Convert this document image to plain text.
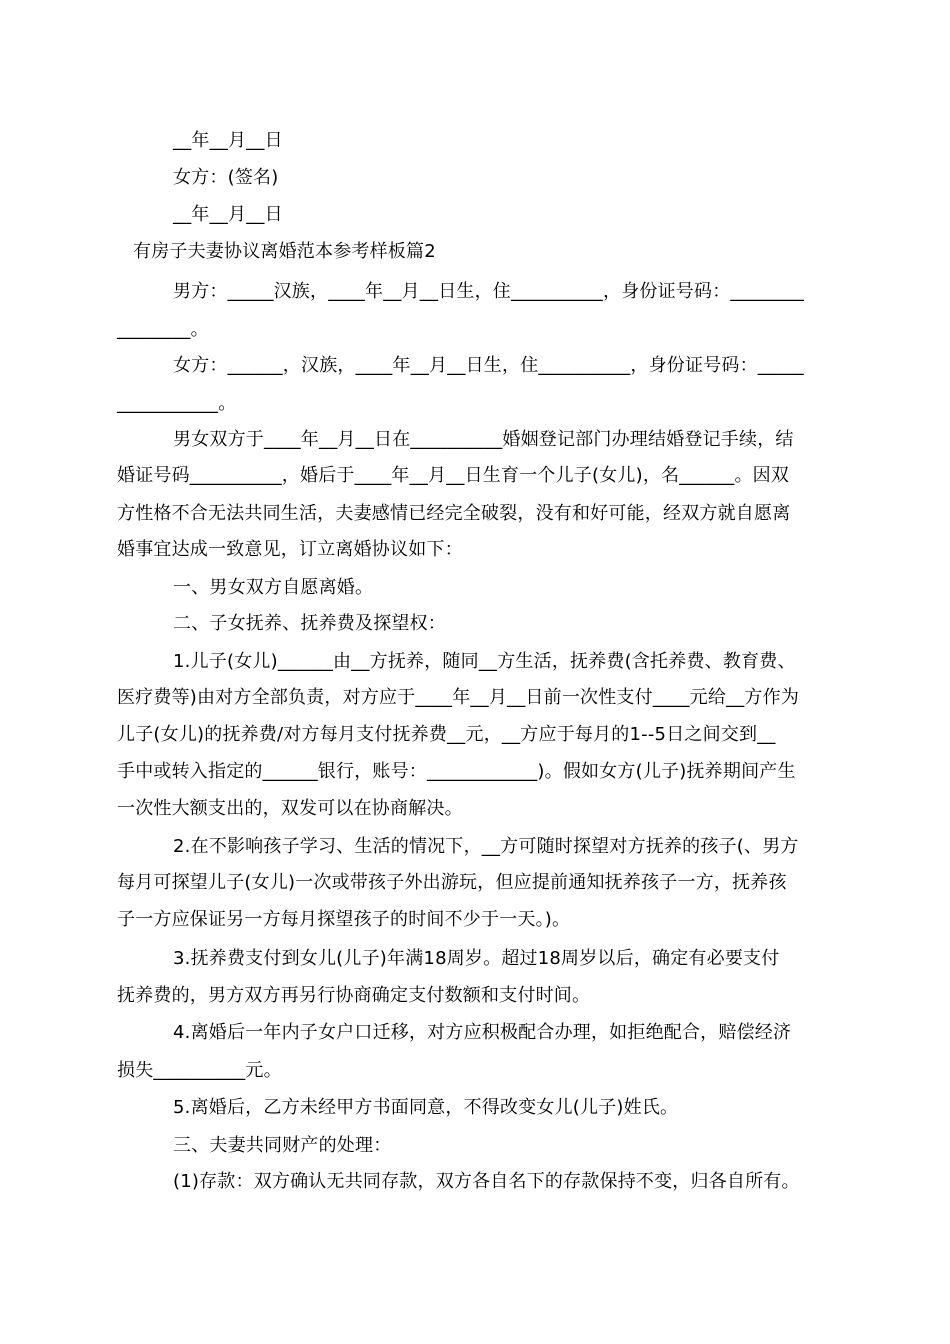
__年__月__日

女方：(签名)

__年__月__日

有房子夫妻协议离婚范本参考样板篇2

男方：_____汉族，____年__月__日生，住__________，身份证号码：________

________。

女方：______，汉族，____年__月__日生，住__________，身份证号码：_____

___________。

男女双方于____年__月__日在__________婚姻登记部门办理结婚登记手续，结

婚证号码__________，婚后于____年__月__日生育一个儿子(女儿)，名______。因双

方性格不合无法共同生活，夫妻感情已经完全破裂，没有和好可能，经双方就自愿离

婚事宜达成一致意见，订立离婚协议如下：

一、男女双方自愿离婚。

二、子女抚养、抚养费及探望权：

1.儿子(女儿)______由__方抚养，随同__方生活，抚养费(含托养费、教育费、

医疗费等)由对方全部负责，对方应于____年__月__日前一次性支付____元给__方作为

儿子(女儿)的抚养费/对方每月支付抚养费__元，__方应于每月的1--5日之间交到__

手中或转入指定的______银行，账号：____________)。假如女方(儿子)抚养期间产生

一次性大额支出的，双发可以在协商解决。

2.在不影响孩子学习、生活的情况下，__方可随时探望对方抚养的孩子(、男方

每月可探望儿子(女儿)一次或带孩子外出游玩，但应提前通知抚养孩子一方，抚养孩

子一方应保证另一方每月探望孩子的时间不少于一天。)。

3.抚养费支付到女儿(儿子)年满18周岁。超过18周岁以后，确定有必要支付

抚养费的，男方双方再另行协商确定支付数额和支付时间。

4.离婚后一年内子女户口迁移，对方应积极配合办理，如拒绝配合，赔偿经济

损失__________元。

5.离婚后，乙方未经甲方书面同意，不得改变女儿(儿子)姓氏。

三、夫妻共同财产的处理：

(1)存款：双方确认无共同存款，双方各自名下的存款保持不变，归各自所有。
